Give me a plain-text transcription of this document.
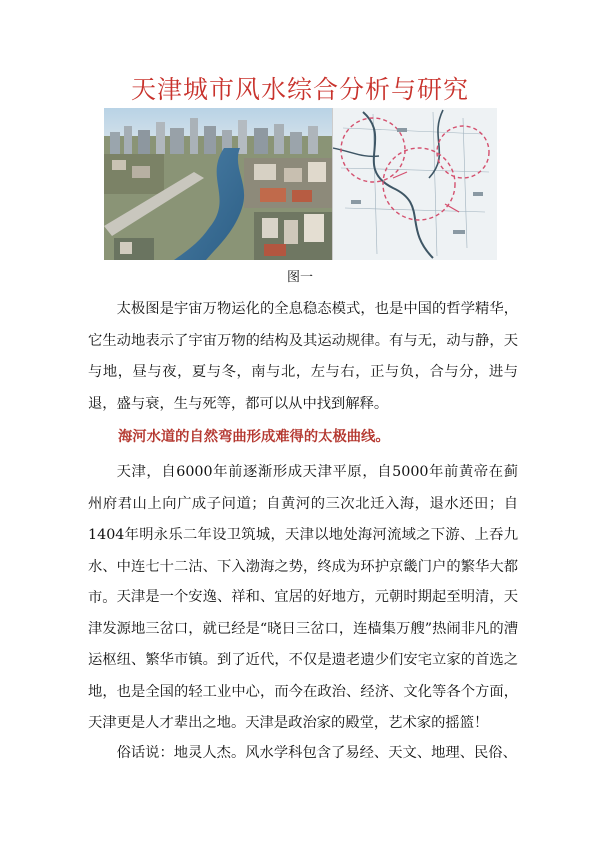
天津城市风水综合分析与研究
图一

太极图是宇宙万物运化的全息稳态模式，也是中国的哲学精华，它生动地表示了宇宙万物的结构及其运动规律。有与无，动与静，天与地，昼与夜，夏与冬，南与北，左与右，正与负，合与分，进与退，盛与衰，生与死等，都可以从中找到解释。

海河水道的自然弯曲形成难得的太极曲线。

天津，自6000年前逐渐形成天津平原，自5000年前黄帝在蓟州府君山上向广成子问道；自黄河的三次北迁入海，退水还田；自1404年明永乐二年设卫筑城，天津以地处海河流域之下游、上吞九水、中连七十二沽、下入渤海之势，终成为环护京畿门户的繁华大都市。 天津是一个安逸、祥和、宜居的好地方，元朝时期起至明清，天津发源地三岔口，就已经是“晓日三岔口，连樯集万艘”热闹非凡的漕运枢纽、繁华市镇。到了近代，不仅是遗老遗少们安宅立家的首选之地，也是全国的轻工业中心，而今在政治、经济、文化等各个方面，天津更是人才辈出之地。天津是政治家的殿堂，艺术家的摇篮！

俗话说：地灵人杰。风水学科包含了易经、天文、地理、民俗、
